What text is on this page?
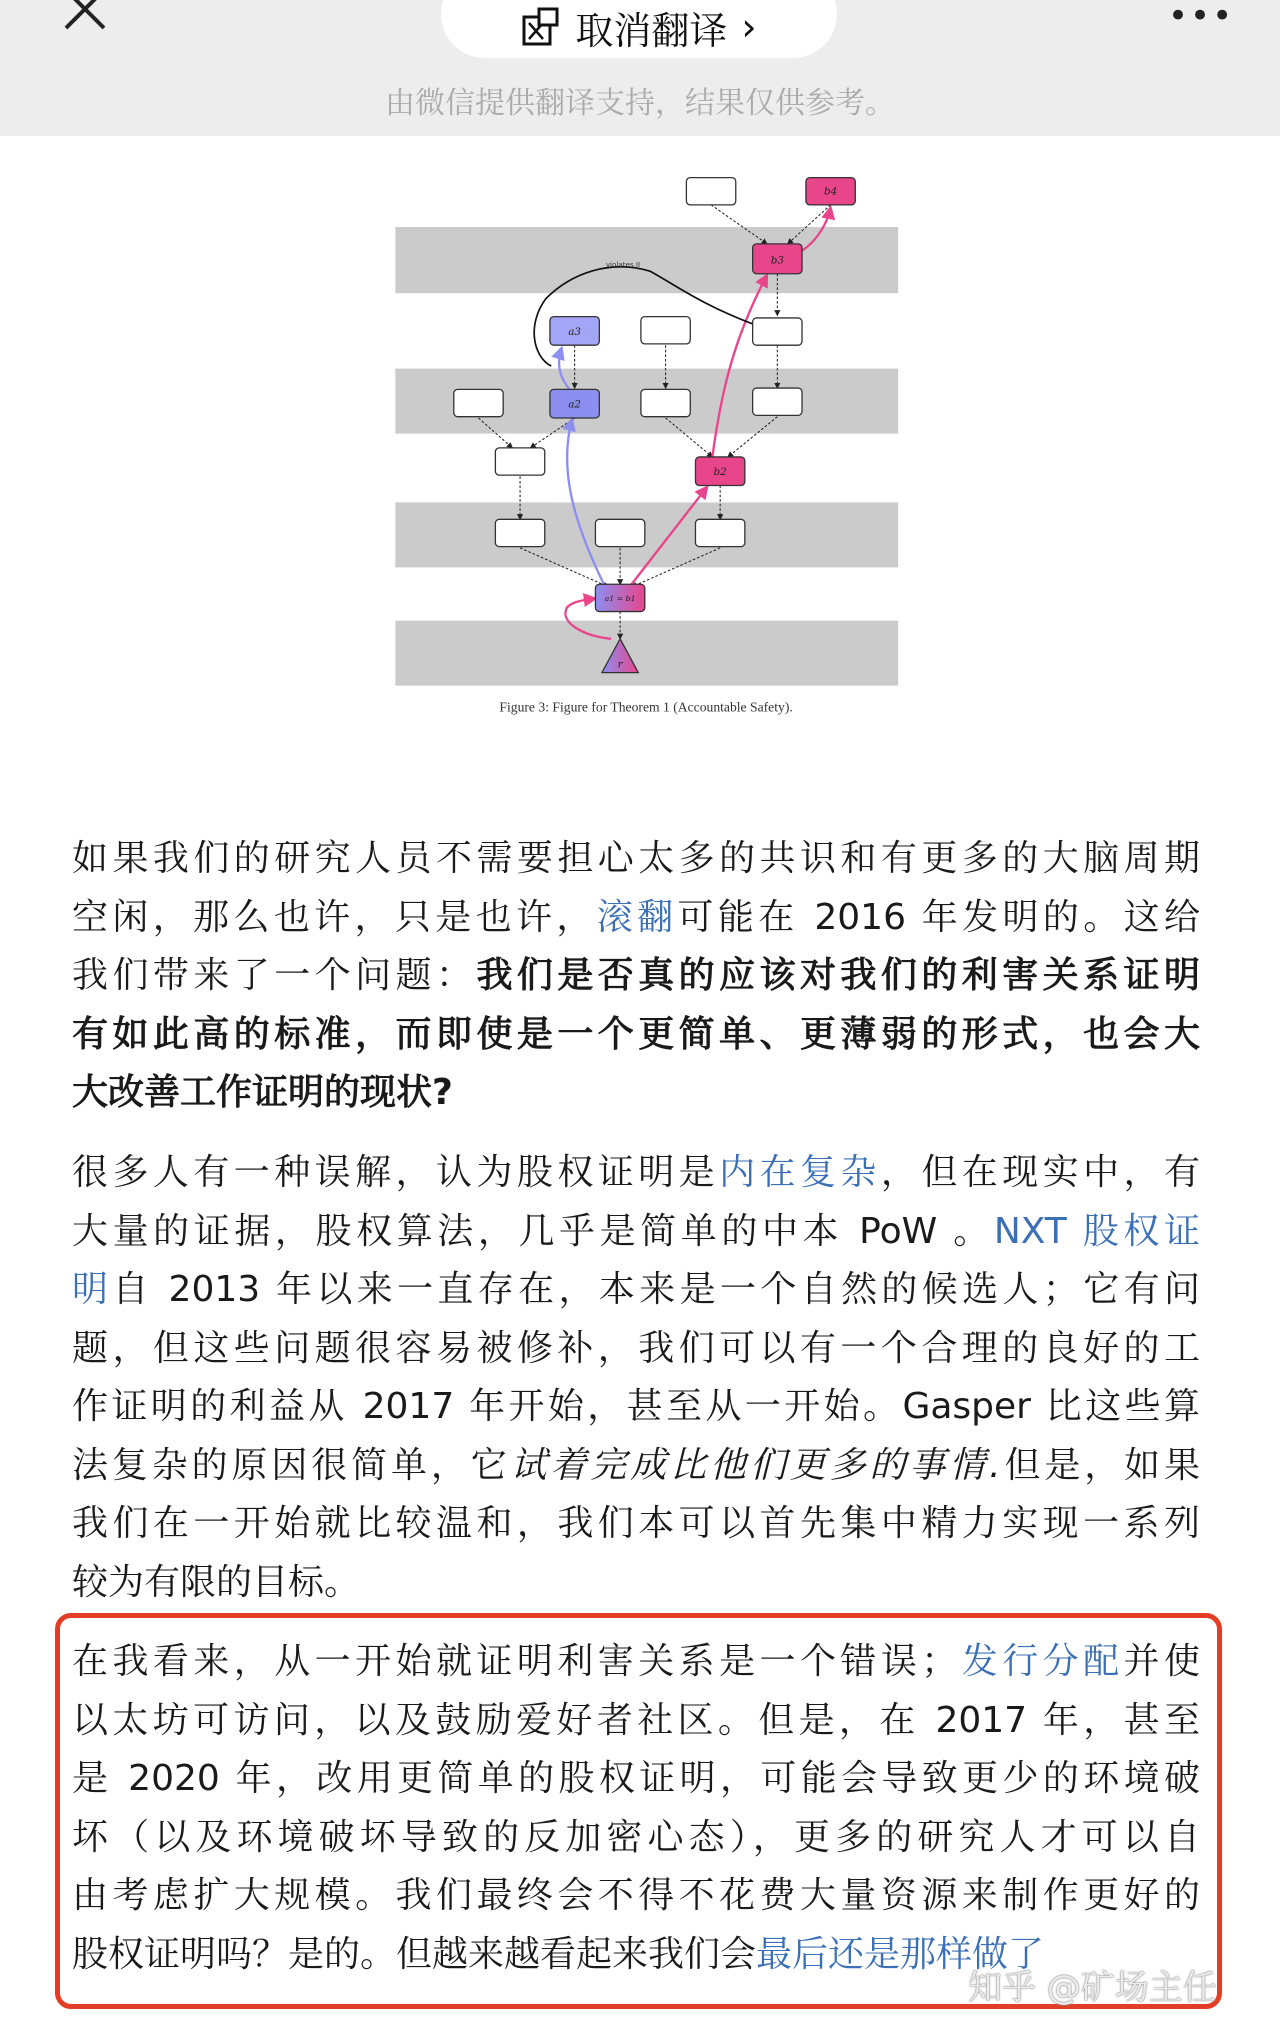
取消翻译 ›	•••
由微信提供翻译支持，结果仅供参考。
violates II
b4
b3
a3
a2
b2
a1 = b1
r
Figure 3: Figure for Theorem 1 (Accountable Safety).
如果我们的研究人员不需要担心太多的共识和有更多的大脑周期
空闲，那么也许，只是也许，滚翻可能在 2016 年发明的。这给
我们带来了一个问题：我们是否真的应该对我们的利害关系证明
有如此高的标准，而即使是一个更简单、更薄弱的形式，也会大
大改善工作证明的现状?
很多人有一种误解，认为股权证明是内在复杂，但在现实中，有
大量的证据，股权算法，几乎是简单的中本 PoW 。NXT 股权证
明自 2013 年以来一直存在，本来是一个自然的候选人；它有问
题，但这些问题很容易被修补，我们可以有一个合理的良好的工
作证明的利益从 2017 年开始，甚至从一开始。Gasper 比这些算
法复杂的原因很简单，它试着完成比他们更多的事情.但是，如果
我们在一开始就比较温和，我们本可以首先集中精力实现一系列
较为有限的目标。
在我看来，从一开始就证明利害关系是一个错误；发行分配并使
以太坊可访问，以及鼓励爱好者社区。但是，在 2017 年，甚至
是 2020 年，改用更简单的股权证明，可能会导致更少的环境破
坏（以及环境破坏导致的反加密心态），更多的研究人才可以自
由考虑扩大规模。我们最终会不得不花费大量资源来制作更好的
股权证明吗？是的。但越来越看起来我们会最后还是那样做了
知乎 @矿场主任
